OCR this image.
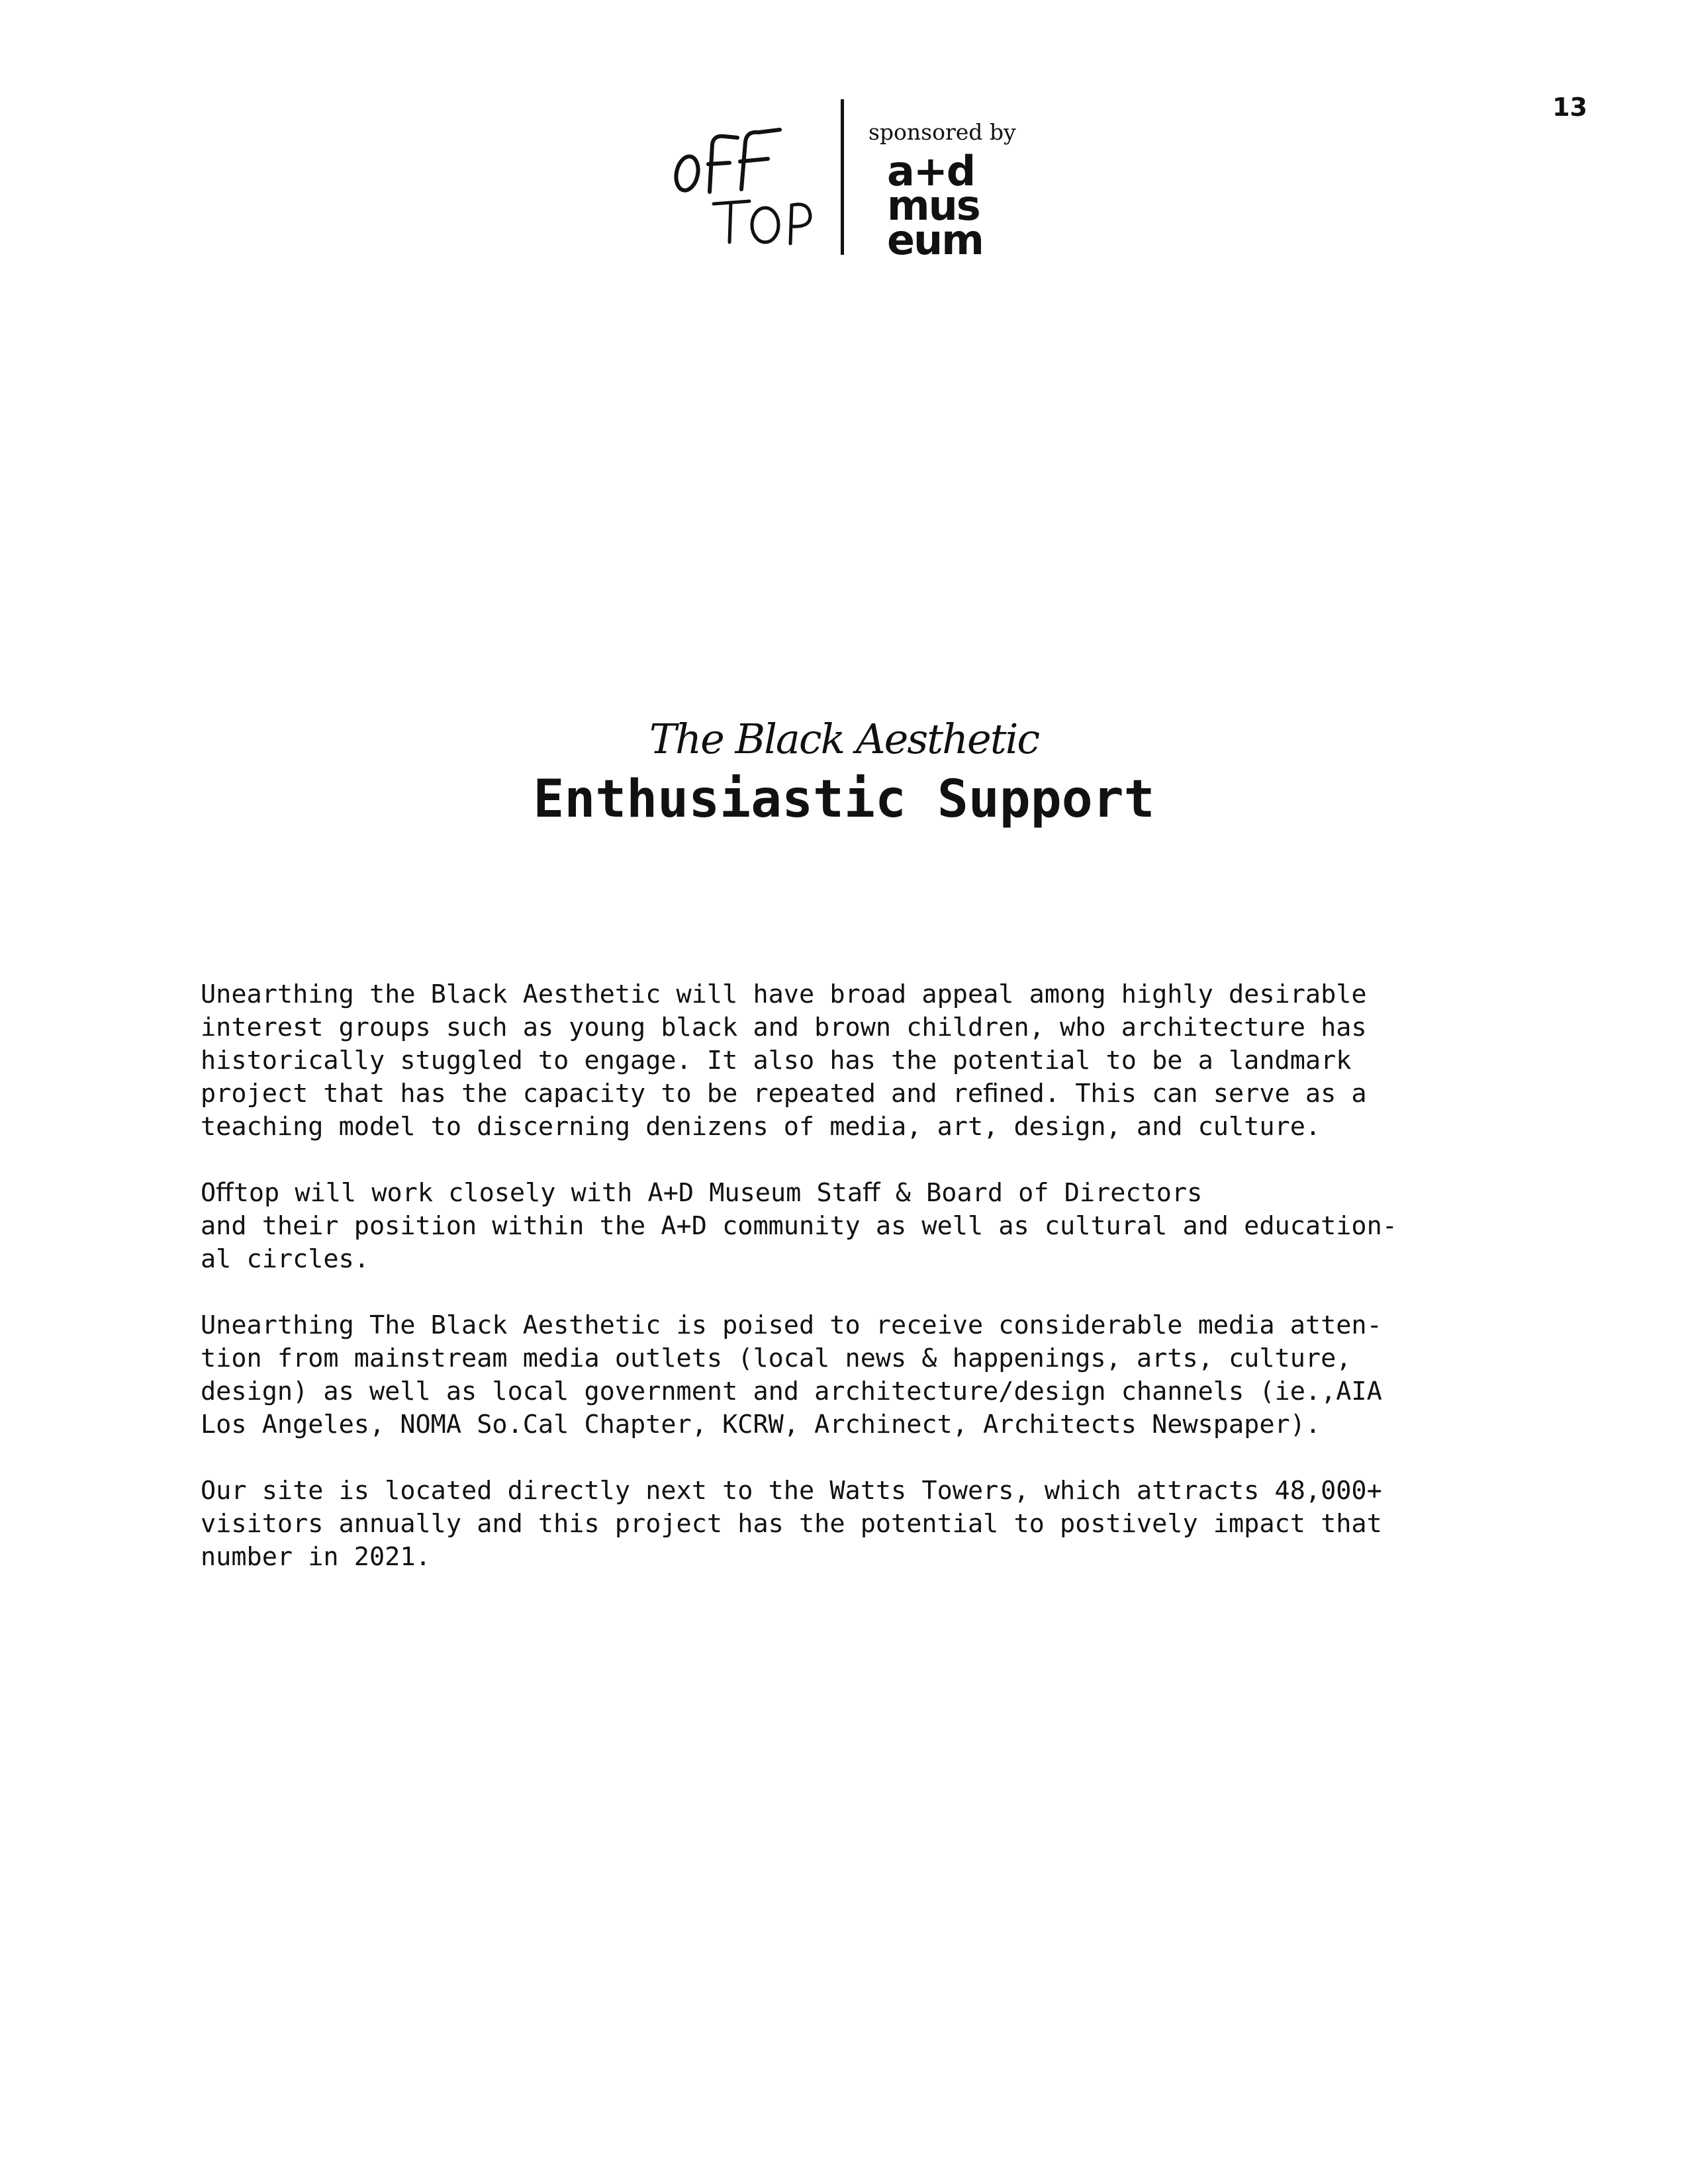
13
sponsored by
a+d
mus
eum
The Black Aesthetic
Enthusiastic Support

Unearthing the Black Aesthetic will have broad appeal among highly desirable
interest groups such as young black and brown children, who architecture has
historically stuggled to engage. It also has the potential to be a landmark
project that has the capacity to be repeated and reﬁned. This can serve as a
teaching model to discerning denizens of media, art, design, and culture.

Oﬀtop will work closely with A+D Museum Staﬀ & Board of Directors
and their position within the A+D community as well as cultural and education-
al circles.

Unearthing The Black Aesthetic is poised to receive considerable media atten-
tion from mainstream media outlets (local news & happenings, arts, culture,
design) as well as local government and architecture/design channels (ie.,AIA
Los Angeles, NOMA So.Cal Chapter, KCRW, Archinect, Architects Newspaper).

Our site is located directly next to the Watts Towers, which attracts 48,000+
visitors annually and this project has the potential to postively impact that
number in 2021.
